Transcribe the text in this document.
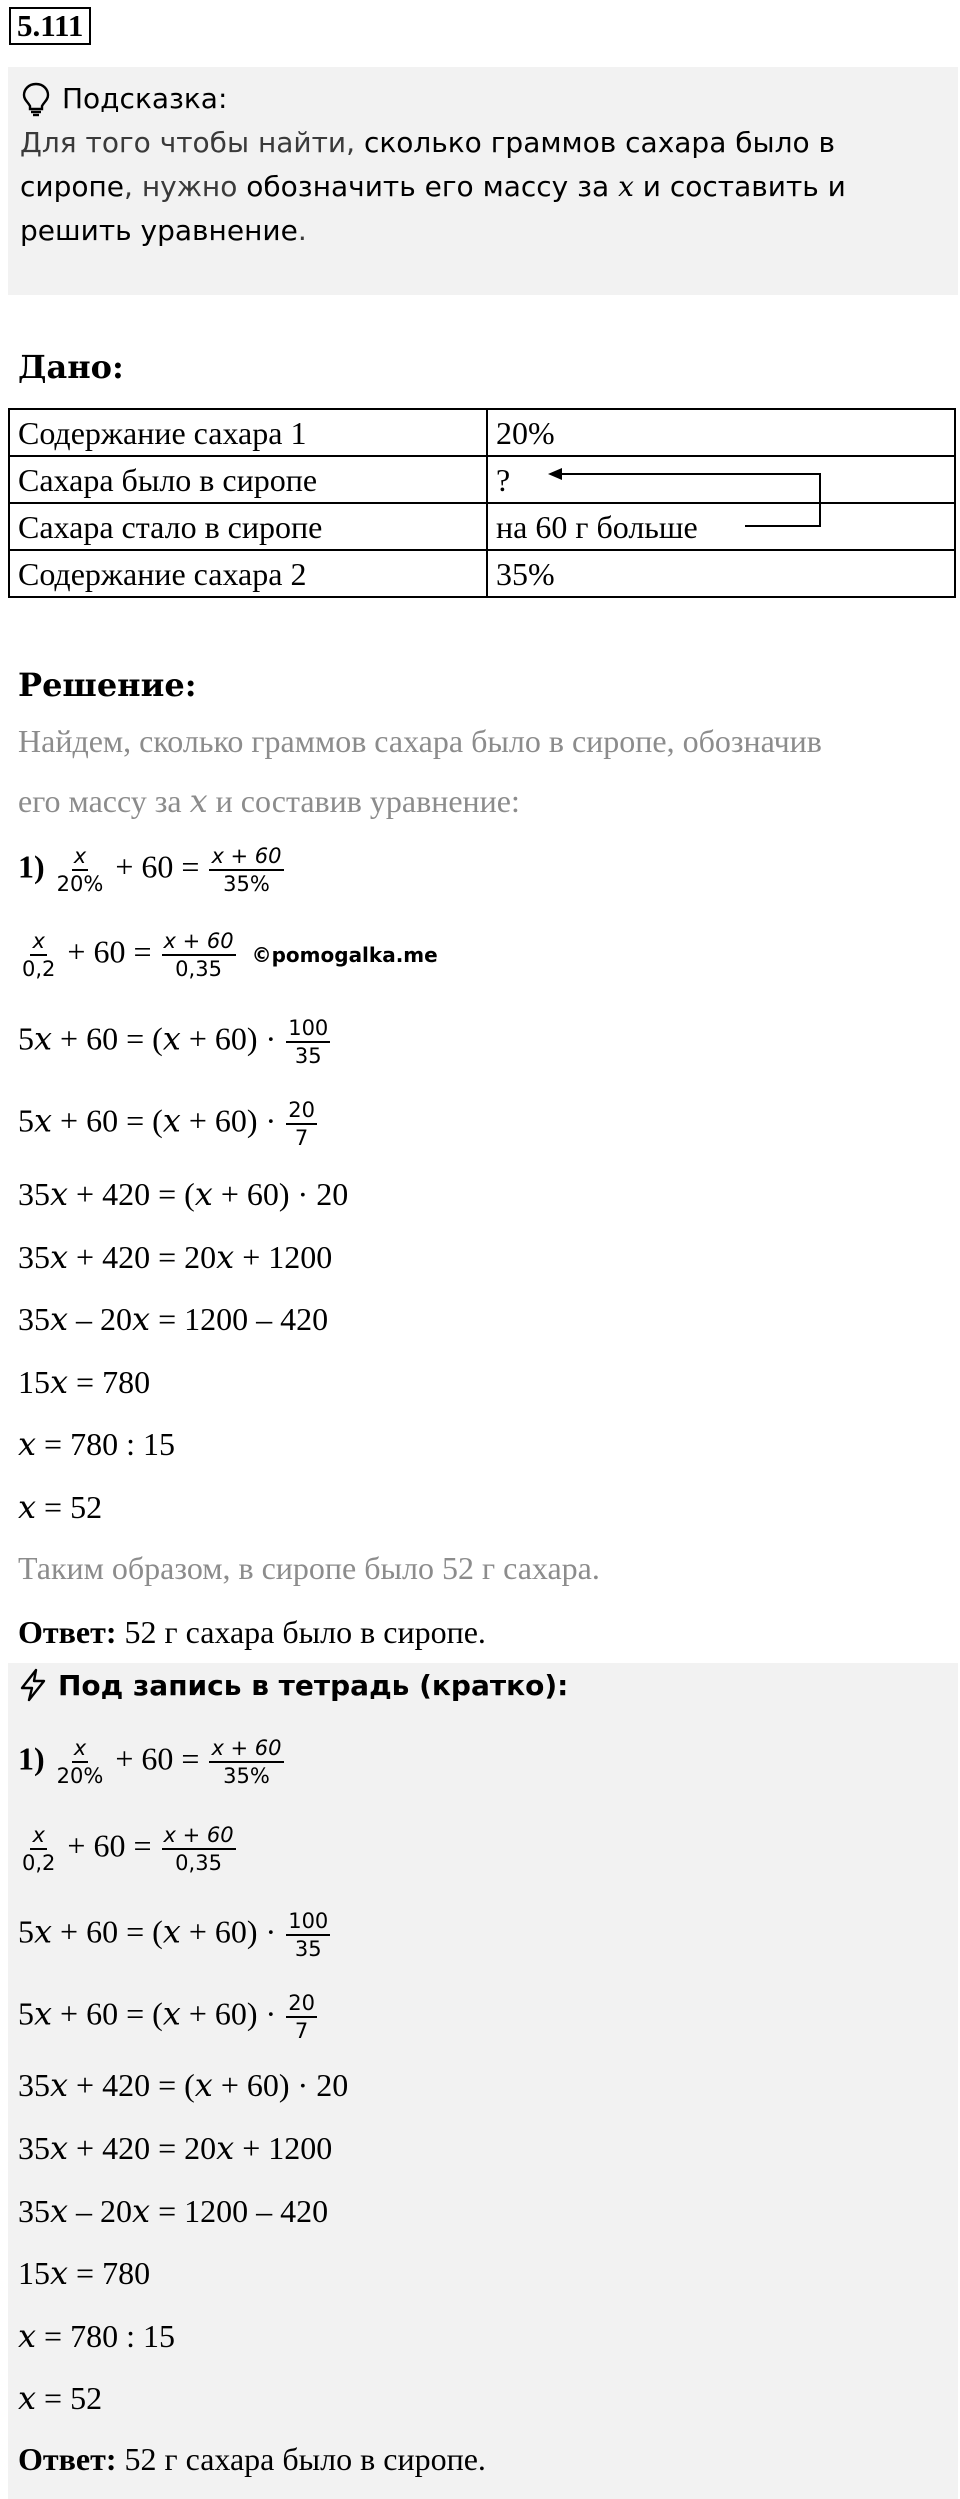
5.111
Подсказка:
Для того чтобы найти, сколько граммов сахара было в
сиропе, нужно обозначить его массу за x и составить и
решить уравнение.
Дано:
Содержание сахара 1	20%
Сахара было в сиропе	?
Сахара стало в сиропе	на 60 г больше
Содержание сахара 2	35%
Решение:
Найдем, сколько граммов сахара было в сиропе, обозначив
его массу за x и составив уравнение:
$1) \frac{x}{20\%} + 60 = \frac{x + 60}{35\%}$
$\frac{x}{0,2} + 60 = \frac{x + 60}{0,35}$ ©pomogalka.me
$5x + 60 = (x + 60) \cdot \frac{100}{35}$
$5x + 60 = (x + 60) \cdot \frac{20}{7}$
35x + 420 = (x + 60) · 20
35x + 420 = 20x + 1200
35x – 20x = 1200 – 420
15x = 780
x = 780 : 15
x = 52
Таким образом, в сиропе было 52 г сахара.
Ответ: 52 г сахара было в сиропе.
Под запись в тетрадь (кратко):
$1) \frac{x}{20\%} + 60 = \frac{x + 60}{35\%}$
$\frac{x}{0,2} + 60 = \frac{x + 60}{0,35}$
$5x + 60 = (x + 60) \cdot \frac{100}{35}$
$5x + 60 = (x + 60) \cdot \frac{20}{7}$
35x + 420 = (x + 60) · 20
35x + 420 = 20x + 1200
35x – 20x = 1200 – 420
15x = 780
x = 780 : 15
x = 52
Ответ: 52 г сахара было в сиропе.
